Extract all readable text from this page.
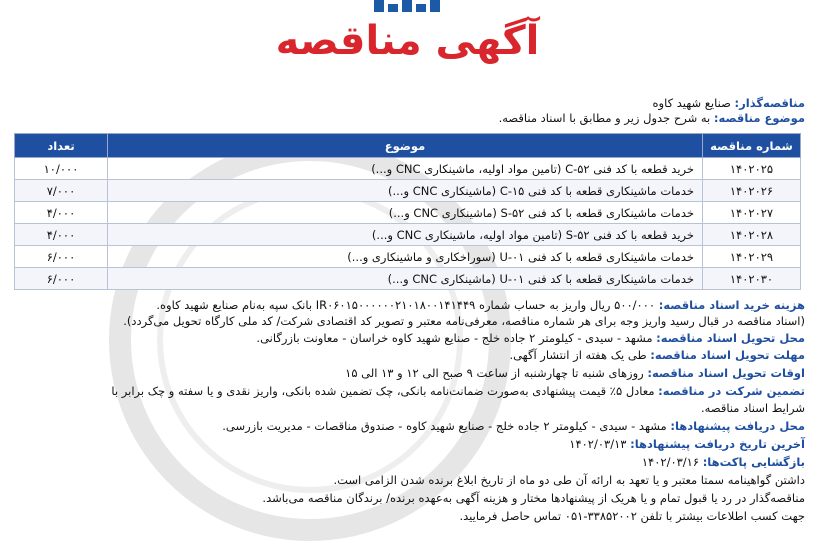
آگهی مناقصه
مناقصه‌گذار: صنایع شهید کاوه
موضوع مناقصه: به شرح جدول زیر و مطابق با اسناد مناقصه.
شماره مناقصه	موضوع	تعداد
۱۴۰۲۰۲۵	خرید قطعه با کد فنی C-۵۲ (تامین مواد اولیه، ماشینکاری CNC و...)	۱۰/۰۰۰
۱۴۰۲۰۲۶	خدمات ماشینکاری قطعه با کد فنی C-۱۵ (ماشینکاری CNC و...)	۷/۰۰۰
۱۴۰۲۰۲۷	خدمات ماشینکاری قطعه با کد فنی S-۵۲ (ماشینکاری CNC و...)	۴/۰۰۰
۱۴۰۲۰۲۸	خرید قطعه با کد فنی S-۵۲ (تامین مواد اولیه، ماشینکاری CNC و...)	۴/۰۰۰
۱۴۰۲۰۲۹	خدمات ماشینکاری قطعه با کد فنی U-۰۱ (سوراخکاری و ماشینکاری و...)	۶/۰۰۰
۱۴۰۲۰۳۰	خدمات ماشینکاری قطعه با کد فنی U-۰۱ (ماشینکاری CNC و...)	۶/۰۰۰
هزینه خرید اسناد مناقصه: ۵۰۰/۰۰۰ ریال واریز به حساب شماره IR۰۶۰۱۵۰۰۰۰۰۰۲۱۰۱۸۰۰۱۴۱۴۴۹ بانک سپه به‌نام صنایع شهید کاوه.
(اسناد مناقصه در قبال رسید واریز وجه برای هر شماره مناقصه، معرفی‌نامه معتبر و تصویر کد اقتصادی شرکت/ کد ملی کارگاه تحویل می‌گردد).
محل تحویل اسناد مناقصه: مشهد - سیدی - کیلومتر ۲ جاده خلج - صنایع شهید کاوه خراسان - معاونت بازرگانی.
مهلت تحویل اسناد مناقصه: طی یک هفته از انتشار آگهی.
اوقات تحویل اسناد مناقصه: روزهای شنبه تا چهارشنبه از ساعت ۹ صبح الی ۱۲ و ۱۳ الی ۱۵
تضمین شرکت در مناقصه: معادل ۵٪ قیمت پیشنهادی به‌صورت ضمانت‌نامه بانکی، چک تضمین شده بانکی، واریز نقدی و یا سفته و چک برابر با
شرایط اسناد مناقصه.
محل دریافت پیشنهادها: مشهد - سیدی - کیلومتر ۲ جاده خلج - صنایع شهید کاوه - صندوق مناقصات - مدیریت بازرسی.
آخرین تاریخ دریافت پیشنهادها: ۱۴۰۲/۰۳/۱۳
بازگشایی پاکت‌ها: ۱۴۰۲/۰۳/۱۶
داشتن گواهینامه سمتا معتبر و یا تعهد به ارائه آن طی دو ماه از تاریخ ابلاغ برنده شدن الزامی است.
مناقصه‌گذار در رد یا قبول تمام و یا هریک از پیشنهادها مختار و هزینه آگهی به‌عهده برنده/ برندگان مناقصه می‌باشد.
جهت کسب اطلاعات بیشتر با تلفن ۳۳۸۵۲۰۰۲-۰۵۱ تماس حاصل فرمایید.
